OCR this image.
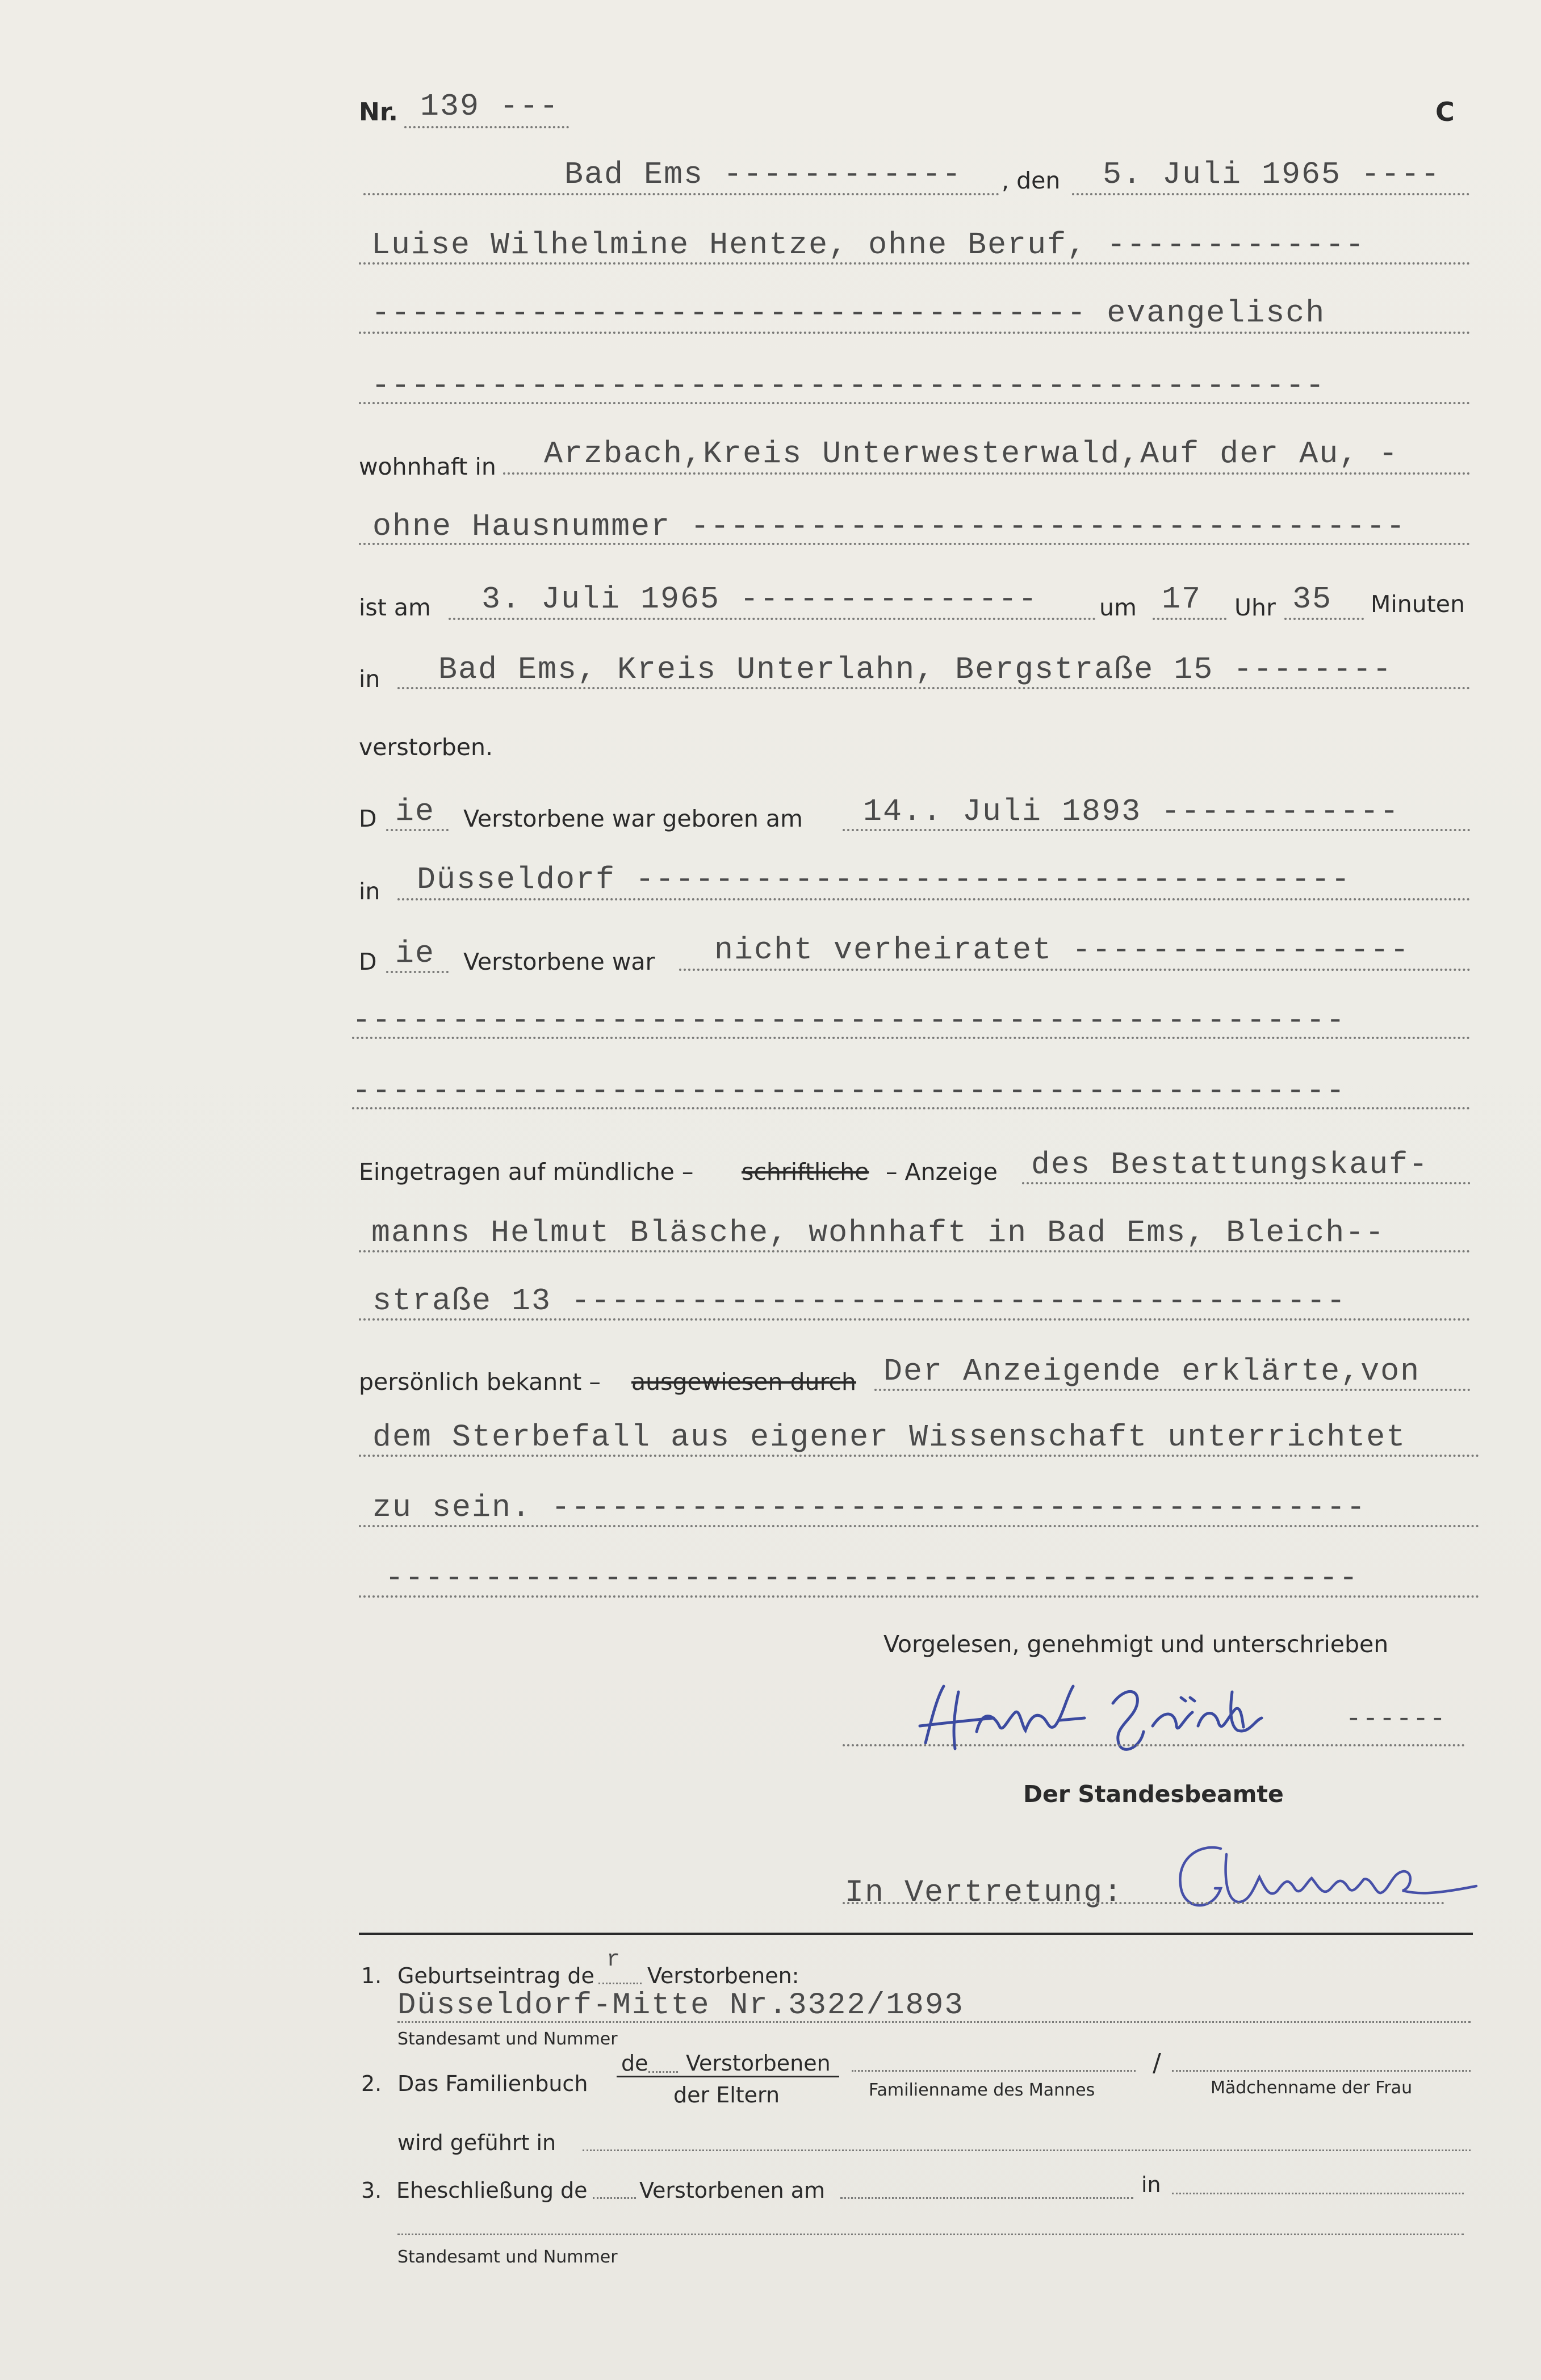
Nr. 139 ---	C
Bad Ems ------------ , den 5. Juli 1965 ----
Luise Wilhelmine Hentze, ohne Beruf, -------------
------------------------------------ evangelisch
------------------------------------------------
wohnhaft in Arzbach,Kreis Unterwesterwald,Auf der Au, -
ohne Hausnummer ------------------------------------
ist am 3. Juli 1965 ---------------	um 17 Uhr 35 Minuten
in Bad Ems, Kreis Unterlahn, Bergstraße 15 --------
verstorben.
D ie Verstorbene war geboren am 14.. Juli 1893 ------------
in Düsseldorf ------------------------------------
D ie Verstorbene war nicht verheiratet -----------------
--------------------------------------------------
--------------------------------------------------
Eingetragen auf mündliche – schriftliche – Anzeige des Bestattungskauf-
manns Helmut Bläsche, wohnhaft in Bad Ems, Bleich--
straße 13 ---------------------------------------
persönlich bekannt – ausgewiesen durch Der Anzeigende erklärte,von
dem Sterbefall aus eigener Wissenschaft unterrichtet
zu sein. -----------------------------------------
-------------------------------------------------
Vorgelesen, genehmigt und unterschrieben
------
Der Standesbeamte
In Vertretung:
1. Geburtseintrag de
r
Verstorbenen:
Düsseldorf-Mitte Nr.3322/1893
Standesamt und Nummer
2. Das Familienbuch
de Verstorbenen
der Eltern	Familienname des Mannes
/
Mädchenname der Frau
wird geführt in
3. Eheschließung de Verstorbenen am	in
Standesamt und Nummer
